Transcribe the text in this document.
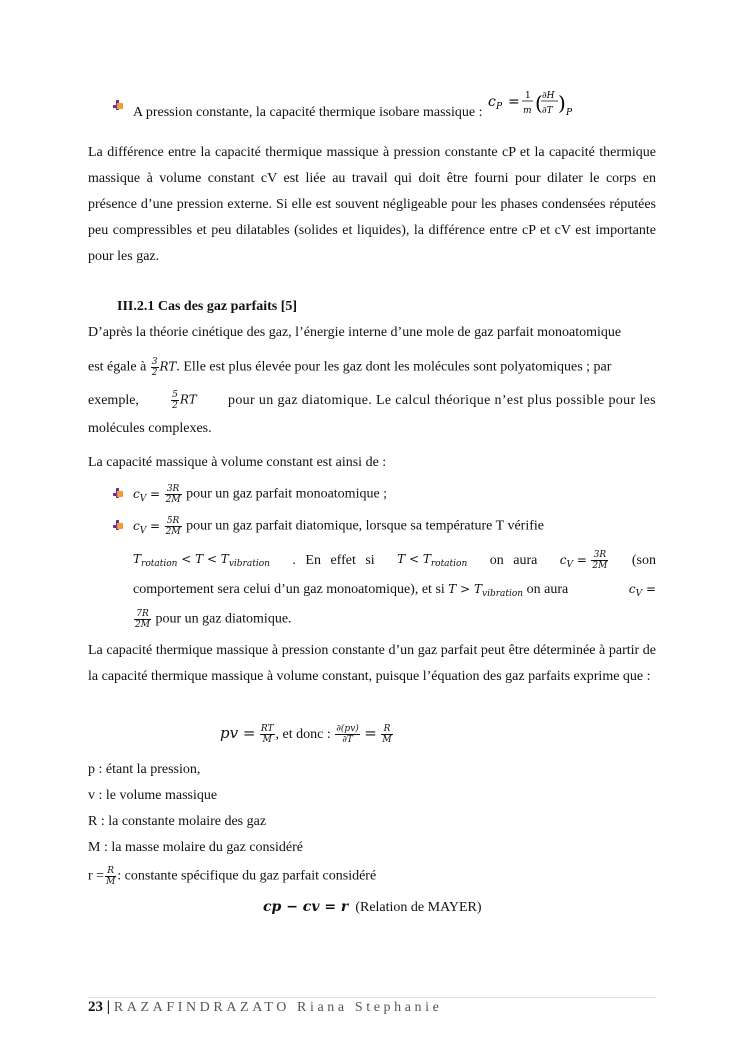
A pression constante, la capacité thermique isobare massique :
c P = 1
m ( ∂H
∂T ) P
La différence entre la capacité thermique massique à pression constante cP et la capacité thermique massique à volume constant cV est liée au travail qui doit être fourni pour dilater le corps en présence d’une pression externe. Si elle est souvent négligeable pour les phases condensées réputées peu compressibles et peu dilatables (solides et liquides), la différence entre cP et cV est importante pour les gaz.
III.2.1 Cas des gaz parfaits [5]
D’après la théorie cinétique des gaz, l’énergie interne d’une mole de gaz parfait monoatomique
est égale à $\frac{3}{2}$ RT. Elle est plus élevée pour les gaz dont les molécules sont polyatomiques ; par
exemple,	$\frac{5}{2}$ RT pour un gaz diatomique. Le calcul théorique n’est plus possible pour les
molécules complexes.
La capacité massique à volume constant est ainsi de :
$c_V = \frac{3R}{2M}$ pour un gaz parfait monoatomique ;
$c_V = \frac{5R}{2M}$ pour un gaz parfait diatomique, lorsque sa température T vérifie
$T_{rotation} < T < T_{vibration}$ . En effet si $T < T_{rotation}$ on aura $c_V = \frac{3R}{2M} (son$
comportement sera celui d’un gaz monoatomique), et si $T > T_{vibration}$ on aura	$c_V$ =
$\frac{7R}{2M}$ pour un gaz diatomique.
La capacité thermique massique à pression constante d’un gaz parfait peut être déterminée à partir de la capacité thermique massique à volume constant, puisque l’équation des gaz parfaits exprime que :
pv = $\frac{RT}{M}$ , et donc : $\frac{\partial(pv)}{\partial T} = \frac{R}{M}$
p : étant la pression,
v : le volume massique
R : la constante molaire des gaz
M : la masse molaire du gaz considéré
$r = \frac{R}{M}$ : constante spécifique du gaz parfait considéré
cp − cv = r (Relation de MAYER)
23 | RAZAFINDRAZATO Riana Stephanie
